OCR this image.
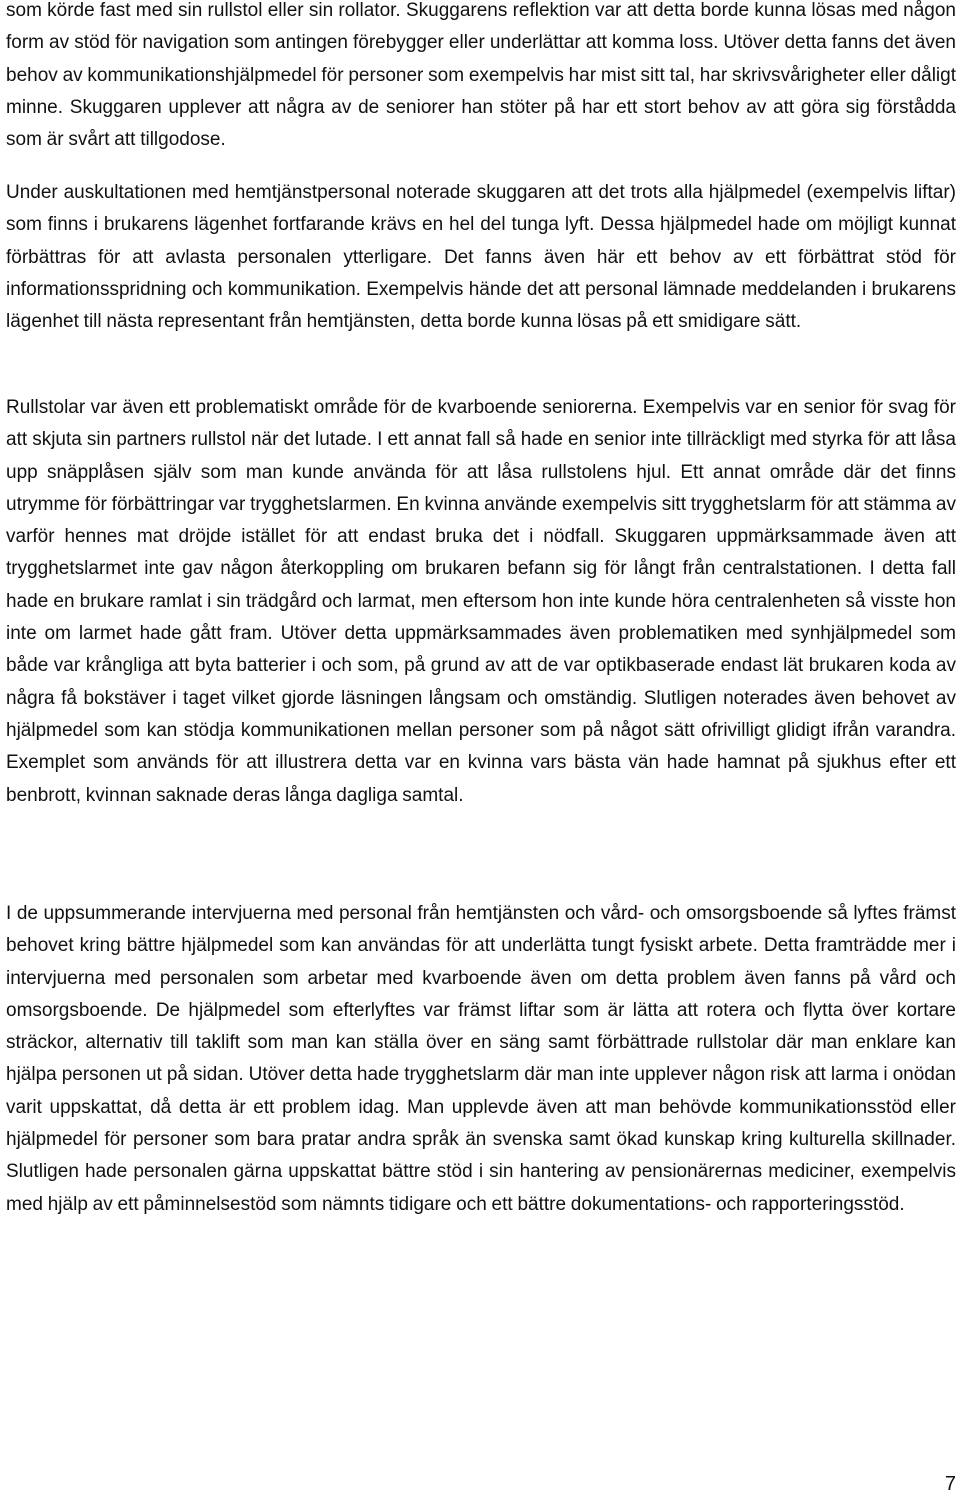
som körde fast med sin rullstol eller sin rollator. Skuggarens reflektion var att detta borde kunna lösas med någon form av stöd för navigation som antingen förebygger eller underlättar att komma loss. Utöver detta fanns det även behov av kommunikationshjälpmedel för personer som exempelvis har mist sitt tal, har skrivsvårigheter eller dåligt minne. Skuggaren upplever att några av de seniorer han stöter på har ett stort behov av att göra sig förstådda som är svårt att tillgodose.

Under auskultationen med hemtjänstpersonal noterade skuggaren att det trots alla hjälpmedel (exempelvis liftar) som finns i brukarens lägenhet fortfarande krävs en hel del tunga lyft. Dessa hjälpmedel hade om möjligt kunnat förbättras för att avlasta personalen ytterligare. Det fanns även här ett behov av ett förbättrat stöd för informationsspridning och kommunikation. Exempelvis hände det att personal lämnade meddelanden i brukarens lägenhet till nästa representant från hemtjänsten, detta borde kunna lösas på ett smidigare sätt.

Rullstolar var även ett problematiskt område för de kvarboende seniorerna. Exempelvis var en senior för svag för att skjuta sin partners rullstol när det lutade. I ett annat fall så hade en senior inte tillräckligt med styrka för att låsa upp snäpplåsen själv som man kunde använda för att låsa rullstolens hjul. Ett annat område där det finns utrymme för förbättringar var trygghetslarmen. En kvinna använde exempelvis sitt trygghetslarm för att stämma av varför hennes mat dröjde istället för att endast bruka det i nödfall. Skuggaren uppmärksammade även att trygghetslarmet inte gav någon återkoppling om brukaren befann sig för långt från centralstationen. I detta fall hade en brukare ramlat i sin trädgård och larmat, men eftersom hon inte kunde höra centralenheten så visste hon inte om larmet hade gått fram. Utöver detta uppmärksammades även problematiken med synhjälpmedel som både var krångliga att byta batterier i och som, på grund av att de var optikbaserade endast lät brukaren koda av några få bokstäver i taget vilket gjorde läsningen långsam och omständig. Slutligen noterades även behovet av hjälpmedel som kan stödja kommunikationen mellan personer som på något sätt ofrivilligt glidigt ifrån varandra. Exemplet som används för att illustrera detta var en kvinna vars bästa vän hade hamnat på sjukhus efter ett benbrott, kvinnan saknade deras långa dagliga samtal.

I de uppsummerande intervjuerna med personal från hemtjänsten och vård- och omsorgsboende så lyftes främst behovet kring bättre hjälpmedel som kan användas för att underlätta tungt fysiskt arbete. Detta framträdde mer i intervjuerna med personalen som arbetar med kvarboende även om detta problem även fanns på vård och omsorgsboende. De hjälpmedel som efterlyftes var främst liftar som är lätta att rotera och flytta över kortare sträckor, alternativ till taklift som man kan ställa över en säng samt förbättrade rullstolar där man enklare kan hjälpa personen ut på sidan. Utöver detta hade trygghetslarm där man inte upplever någon risk att larma i onödan varit uppskattat, då detta är ett problem idag. Man upplevde även att man behövde kommunikationsstöd eller hjälpmedel för personer som bara pratar andra språk än svenska samt ökad kunskap kring kulturella skillnader. Slutligen hade personalen gärna uppskattat bättre stöd i sin hantering av pensionärernas mediciner, exempelvis med hjälp av ett påminnelsestöd som nämnts tidigare och ett bättre dokumentations- och rapporteringsstöd.

7
